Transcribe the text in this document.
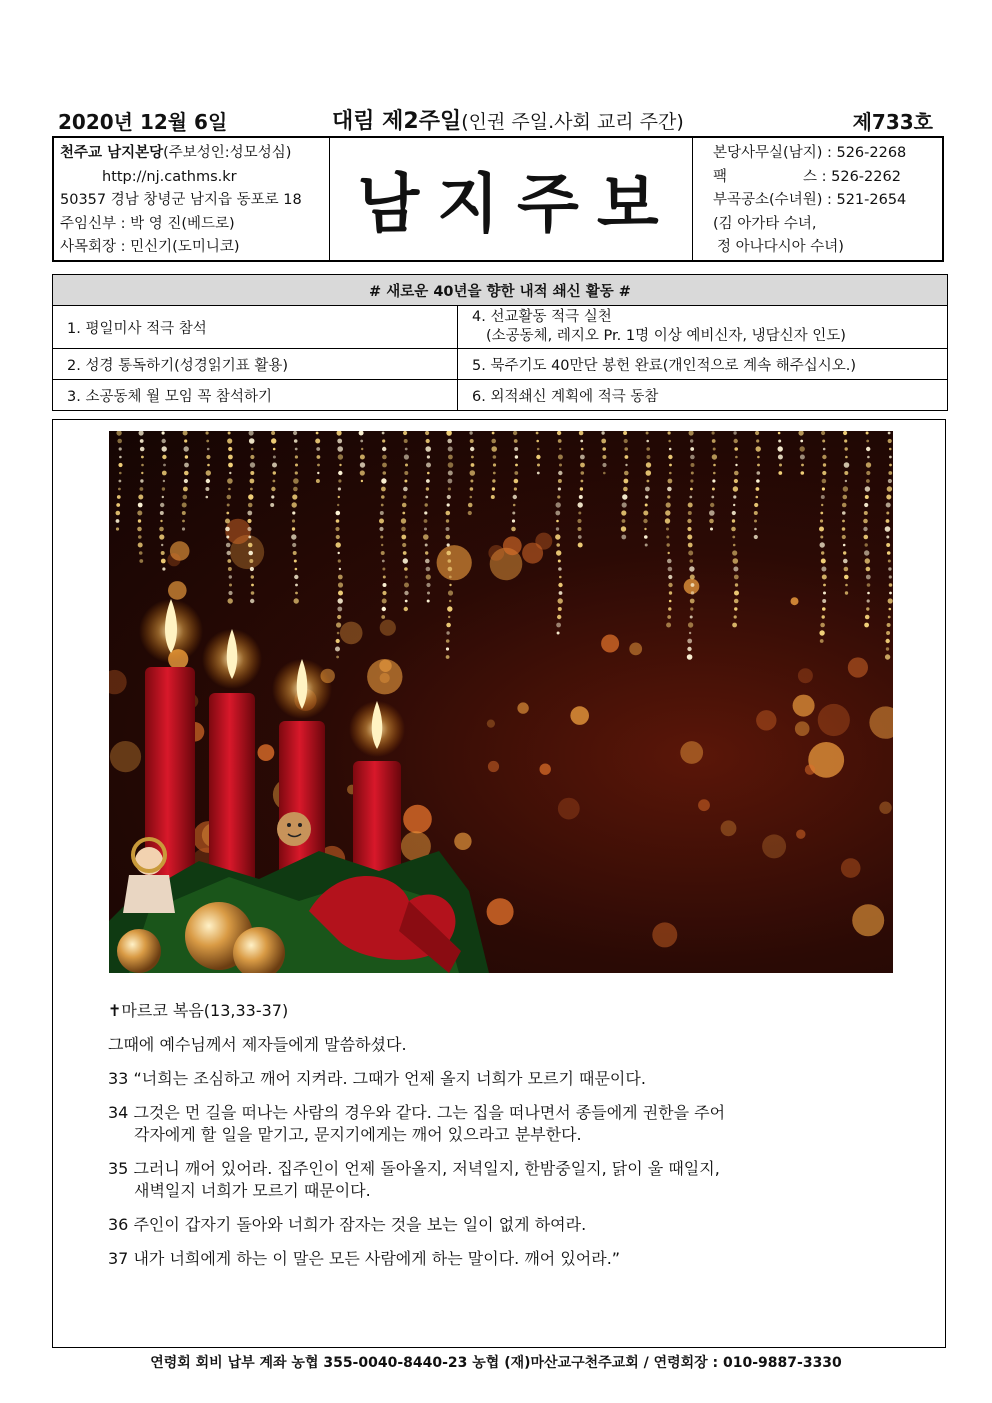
2020년 12월 6일	대림 제2주일(인권 주일.사회 교리 주간)	제733호
천주교 남지본당(주보성인:성모성심)
http://nj.cathms.kr
50357 경남 창녕군 남지읍 동포로 18
주임신부 : 박 영 진(베드로)
사목회장 : 민신기(도미니코)
남지주보
본당사무실(남지) : 526-2268
팩	스 : 526-2262
부곡공소(수녀원) : 521-2654
(김 아가타 수녀,
정 아나다시아 수녀)
# 새로운 40년을 향한 내적 쇄신 활동 #	
1. 평일미사 적극 참석	4. 선교활동 적극 실천
(소공동체, 레지오 Pr. 1명 이상 예비신자, 냉담신자 인도)

2. 성경 통독하기(성경읽기표 활용)	5. 묵주기도 40만단 봉헌 완료(개인적으로 계속 해주십시오.)
3. 소공동체 월 모임 꼭 참석하기	6. 외적쇄신 계획에 적극 동참

✝마르코 복음(13,33-37)

그때에 예수님께서 제자들에게 말씀하셨다.

33 “너희는 조심하고 깨어 지켜라. 그때가 언제 올지 너희가 모르기 때문이다.

34 그것은 먼 길을 떠나는 사람의 경우와 같다. 그는 집을 떠나면서 종들에게 권한을 주어

각자에게 할 일을 맡기고, 문지기에게는 깨어 있으라고 분부한다.

35 그러니 깨어 있어라. 집주인이 언제 돌아올지, 저녁일지, 한밤중일지, 닭이 울 때일지,

새벽일지 너희가 모르기 때문이다.

36 주인이 갑자기 돌아와 너희가 잠자는 것을 보는 일이 없게 하여라.

37 내가 너희에게 하는 이 말은 모든 사람에게 하는 말이다. 깨어 있어라.”

연령회 회비 납부 계좌 농협 355-0040-8440-23 농협 (재)마산교구천주교회 / 연령회장 : 010-9887-3330
